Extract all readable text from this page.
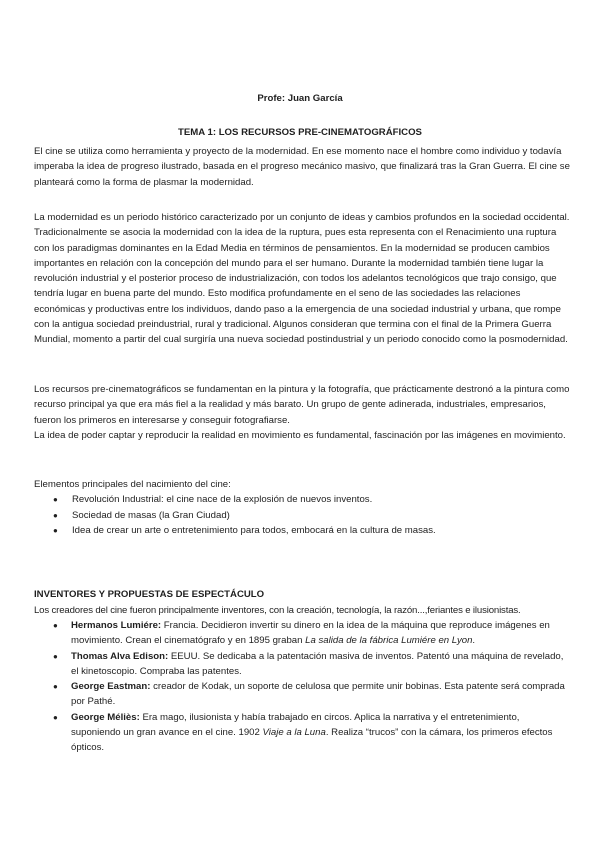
Profe: Juan García
TEMA 1: LOS RECURSOS PRE-CINEMATOGRÁFICOS

El cine se utiliza como herramienta y proyecto de la modernidad. En ese momento nace el hombre como individuo y todavía imperaba la idea de progreso ilustrado, basada en el progreso mecánico masivo, que finalizará tras la Gran Guerra. El cine se planteará como la forma de plasmar la modernidad.

La modernidad es un periodo histórico caracterizado por un conjunto de ideas y cambios profundos en la sociedad occidental. Tradicionalmente se asocia la modernidad con la idea de la ruptura, pues esta representa con el Renacimiento una ruptura con los paradigmas dominantes en la Edad Media en términos de pensamientos. En la modernidad se producen cambios importantes en relación con la concepción del mundo para el ser humano. Durante la modernidad también tiene lugar la revolución industrial y el posterior proceso de industrialización, con todos los adelantos tecnológicos que trajo consigo, que tendría lugar en buena parte del mundo. Esto modifica profundamente en el seno de las sociedades las relaciones económicas y productivas entre los individuos, dando paso a la emergencia de una sociedad industrial y urbana, que rompe con la antigua sociedad preindustrial, rural y tradicional. Algunos consideran que termina con el final de la Primera Guerra Mundial, momento a partir del cual surgiría una nueva sociedad postindustrial y un periodo conocido como la posmodernidad.

Los recursos pre-cinematográficos se fundamentan en la pintura y la fotografía, que prácticamente destronó a la pintura como recurso principal ya que era más fiel a la realidad y más barato. Un grupo de gente adinerada, industriales, empresarios, fueron los primeros en interesarse y conseguir fotografiarse.

La idea de poder captar y reproducir la realidad en movimiento es fundamental, fascinación por las imágenes en movimiento.

Elementos principales del nacimiento del cine:

● Revolución Industrial: el cine nace de la explosión de nuevos inventos.
● Sociedad de masas (la Gran Ciudad)
● Idea de crear un arte o entretenimiento para todos, embocará en la cultura de masas.
INVENTORES Y PROPUESTAS DE ESPECTÁCULO
Los creadores del cine fueron principalmente inventores, con la creación, tecnología, la razón...,feriantes e ilusionistas.
● Hermanos Lumiére: Francia. Decidieron invertir su dinero en la idea de la máquina que reproduce imágenes en movimiento. Crean el cinematógrafo y en 1895 graban La salida de la fábrica Lumiére en Lyon.
● Thomas Alva Edison: EEUU. Se dedicaba a la patentación masiva de inventos. Patentó una máquina de revelado, el kinetoscopio. Compraba las patentes.
● George Eastman: creador de Kodak, un soporte de celulosa que permite unir bobinas. Esta patente será comprada por Pathé.
● George Méliès: Era mago, ilusionista y había trabajado en circos. Aplica la narrativa y el entretenimiento, suponiendo un gran avance en el cine. 1902 Viaje a la Luna. Realiza “trucos” con la cámara, los primeros efectos ópticos.
